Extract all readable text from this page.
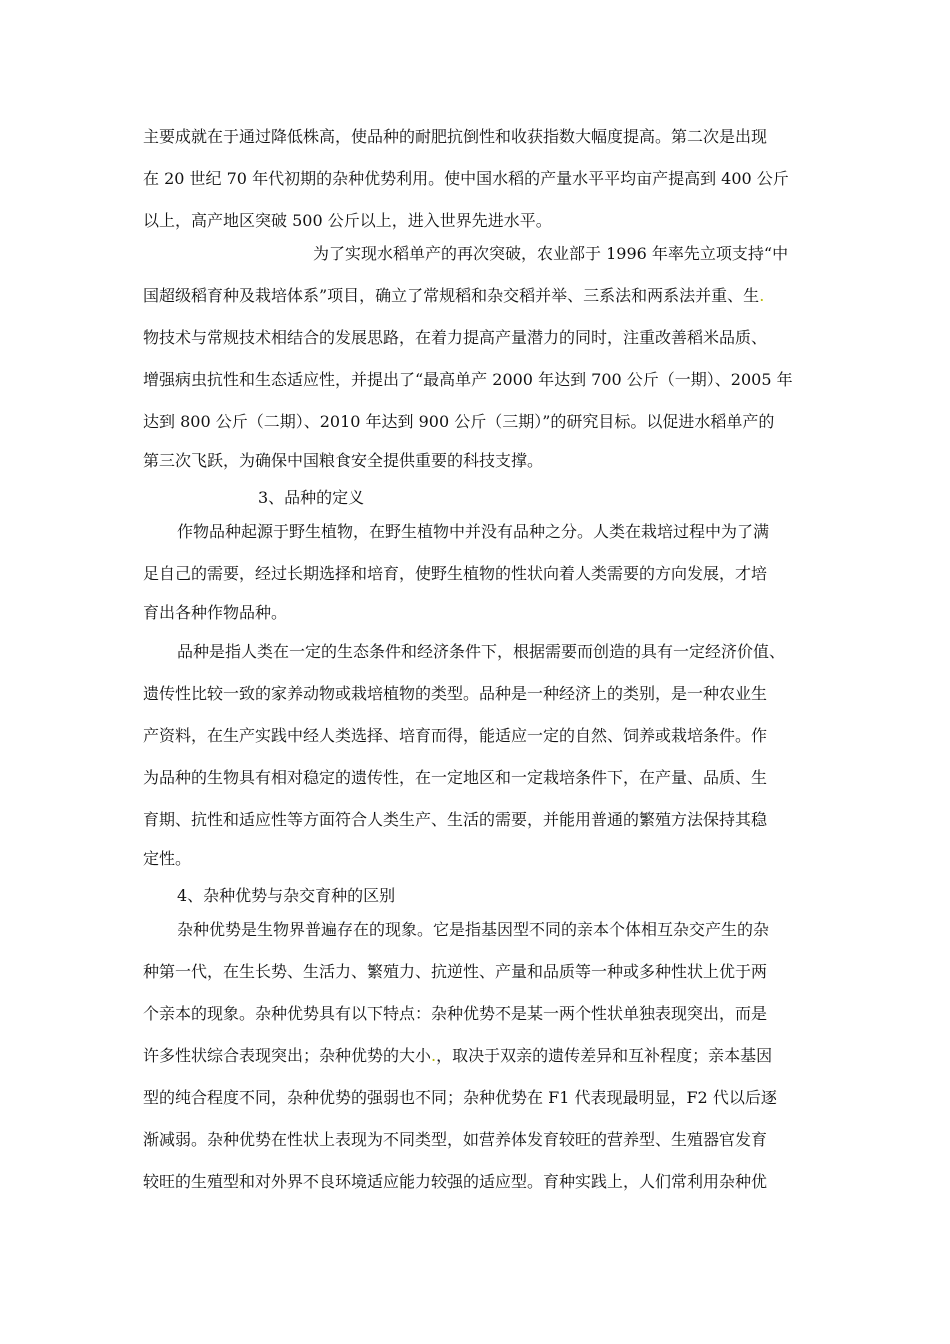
主要成就在于通过降低株高，使品种的耐肥抗倒性和收获指数大幅度提高。第二次是出现
在 20 世纪 70 年代初期的杂种优势利用。使中国水稻的产量水平平均亩产提高到 400 公斤
以上，高产地区突破 500 公斤以上，进入世界先进水平。
为了实现水稻单产的再次突破，农业部于 1996 年率先立项支持“中
国超级稻育种及栽培体系”项目，确立了常规稻和杂交稻并举、三系法和两系法并重、生.
物技术与常规技术相结合的发展思路，在着力提高产量潜力的同时，注重改善稻米品质、
增强病虫抗性和生态适应性，并提出了“最高单产 2000 年达到 700 公斤（一期）、2005 年
达到 800 公斤（二期）、2010 年达到 900 公斤（三期）”的研究目标。以促进水稻单产的
第三次飞跃，为确保中国粮食安全提供重要的科技支撑。
3、品种的定义
作物品种起源于野生植物，在野生植物中并没有品种之分。人类在栽培过程中为了满
足自己的需要，经过长期选择和培育，使野生植物的性状向着人类需要的方向发展，才培
育出各种作物品种。
品种是指人类在一定的生态条件和经济条件下，根据需要而创造的具有一定经济价值、
遗传性比较一致的家养动物或栽培植物的类型。品种是一种经济上的类别，是一种农业生
产资料，在生产实践中经人类选择、培育而得，能适应一定的自然、饲养或栽培条件。作
为品种的生物具有相对稳定的遗传性，在一定地区和一定栽培条件下，在产量、品质、生
育期、抗性和适应性等方面符合人类生产、生活的需要，并能用普通的繁殖方法保持其稳
定性。
4、杂种优势与杂交育种的区别
杂种优势是生物界普遍存在的现象。它是指基因型不同的亲本个体相互杂交产生的杂
种第一代，在生长势、生活力、繁殖力、抗逆性、产量和品质等一种或多种性状上优于两
个亲本的现象。杂种优势具有以下特点：杂种优势不是某一两个性状单独表现突出，而是
许多性状综合表现突出；杂种优势的大小.，取决于双亲的遗传差异和互补程度；亲本基因
型的纯合程度不同，杂种优势的强弱也不同；杂种优势在 F1 代表现最明显，F2 代以后逐
渐减弱。杂种优势在性状上表现为不同类型，如营养体发育较旺的营养型、生殖器官发育
较旺的生殖型和对外界不良环境适应能力较强的适应型。育种实践上，人们常利用杂种优
